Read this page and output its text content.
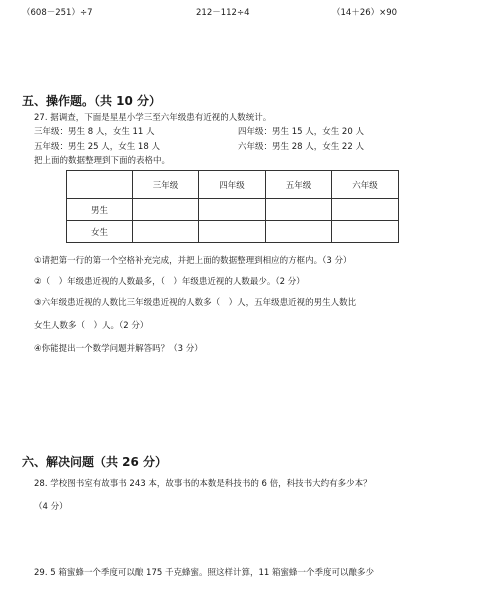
（608－251）÷7	212－112÷4	（14＋26）×90
五、操作题。（共 10 分）
27. 据调查，下面是星星小学三至六年级患有近视的人数统计。
三年级：男生 8 人，女生 11 人	四年级：男生 15 人，女生 20 人
五年级：男生 25 人，女生 18 人	六年级：男生 28 人，女生 22 人
把上面的数据整理到下面的表格中。
	三年级	四年级	五年级	六年级
男生				
女生				
①请把第一行的第一个空格补充完成，并把上面的数据整理到相应的方框内。（3 分）
②（　）年级患近视的人数最多，（　）年级患近视的人数最少。（2 分）
③六年级患近视的人数比三年级患近视的人数多（　）人，五年级患近视的男生人数比
女生人数多（　）人。（2 分）
④你能提出一个数学问题并解答吗？（3 分）
六、解决问题（共 26 分）
28. 学校图书室有故事书 243 本，故事书的本数是科技书的 6 倍，科技书大约有多少本？
（4 分）
29. 5 箱蜜蜂一个季度可以酿 175 千克蜂蜜。照这样计算，11 箱蜜蜂一个季度可以酿多少
